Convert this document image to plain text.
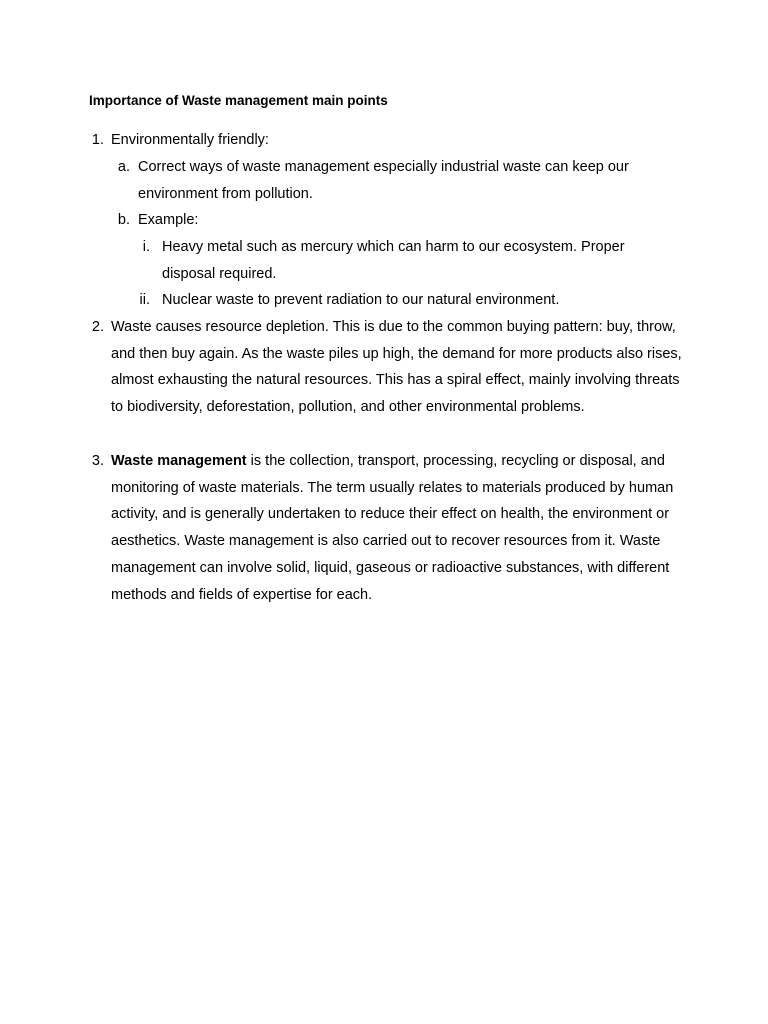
Importance of Waste management main points
1. Environmentally friendly:
a. Correct ways of waste management especially industrial waste can keep our environment from pollution.
b. Example:
i. Heavy metal such as mercury which can harm to our ecosystem. Proper disposal required.
ii. Nuclear waste to prevent radiation to our natural environment.
2. Waste causes resource depletion. This is due to the common buying pattern: buy, throw, and then buy again. As the waste piles up high, the demand for more products also rises, almost exhausting the natural resources. This has a spiral effect, mainly involving threats to biodiversity, deforestation, pollution, and other environmental problems.
3. Waste management is the collection, transport, processing, recycling or disposal, and monitoring of waste materials. The term usually relates to materials produced by human activity, and is generally undertaken to reduce their effect on health, the environment or aesthetics. Waste management is also carried out to recover resources from it. Waste management can involve solid, liquid, gaseous or radioactive substances, with different methods and fields of expertise for each.
